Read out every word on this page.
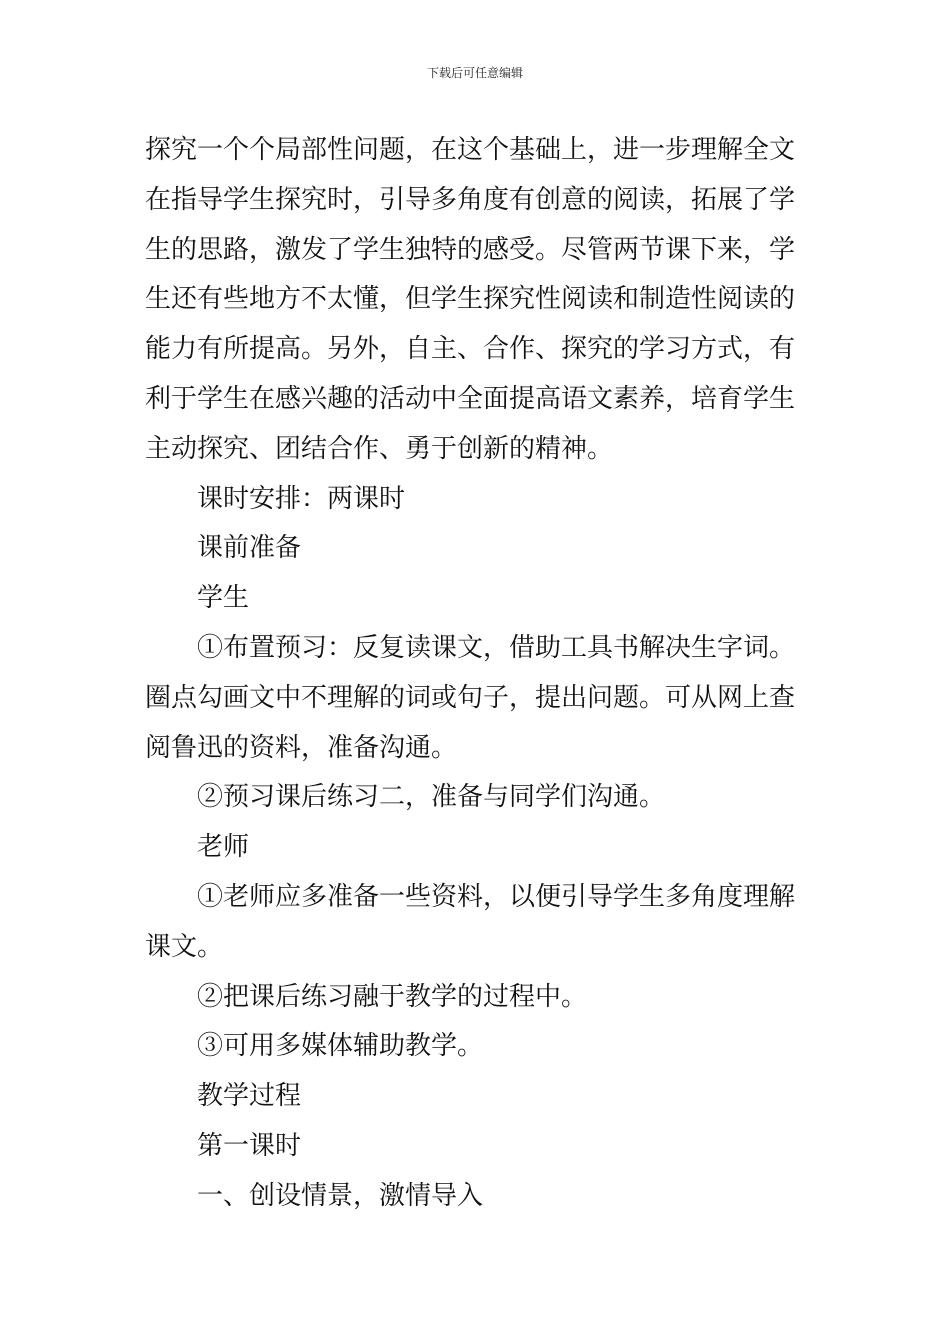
下载后可任意编辑
探究一个个局部性问题，在这个基础上，进一步理解全文
在指导学生探究时，引导多角度有创意的阅读，拓展了学
生的思路，激发了学生独特的感受。尽管两节课下来，学
生还有些地方不太懂，但学生探究性阅读和制造性阅读的
能力有所提高。另外，自主、合作、探究的学习方式，有
利于学生在感兴趣的活动中全面提高语文素养，培育学生
主动探究、团结合作、勇于创新的精神。
课时安排：两课时
课前准备
学生
①布置预习：反复读课文，借助工具书解决生字词。
圈点勾画文中不理解的词或句子，提出问题。可从网上查
阅鲁迅的资料，准备沟通。
②预习课后练习二，准备与同学们沟通。
老师
①老师应多准备一些资料，以便引导学生多角度理解
课文。
②把课后练习融于教学的过程中。
③可用多媒体辅助教学。
教学过程
第一课时
一、创设情景，激情导入
